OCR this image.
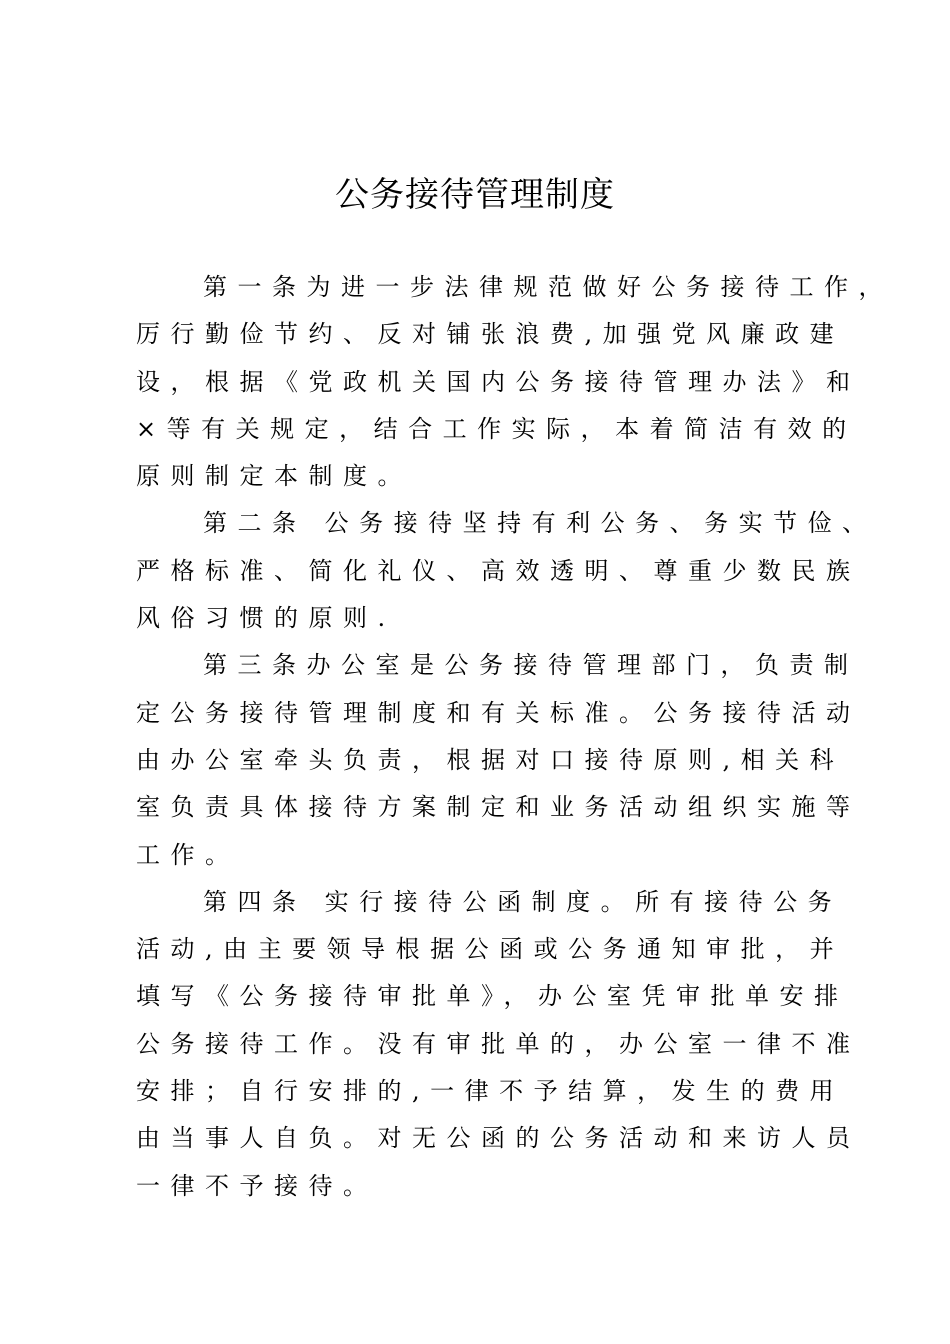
公务接待管理制度
第一条为进一步法律规范做好公务接待工作，
厉行勤俭节约、反对铺张浪费,加强党风廉政建
设，根据《党政机关国内公务接待管理办法》和
×等有关规定，结合工作实际，本着简洁有效的
原则制定本制度。
第二条 公务接待坚持有利公务、务实节俭、
严格标准、简化礼仪、高效透明、尊重少数民族
风俗习惯的原则.
第三条办公室是公务接待管理部门，负责制
定公务接待管理制度和有关标准。公务接待活动
由办公室牵头负责，根据对口接待原则,相关科
室负责具体接待方案制定和业务活动组织实施等
工作。
第四条 实行接待公函制度。所有接待公务
活动,由主要领导根据公函或公务通知审批，并
填写《公务接待审批单》，办公室凭审批单安排
公务接待工作。没有审批单的，办公室一律不准
安排；自行安排的,一律不予结算，发生的费用
由当事人自负。对无公函的公务活动和来访人员
一律不予接待。
